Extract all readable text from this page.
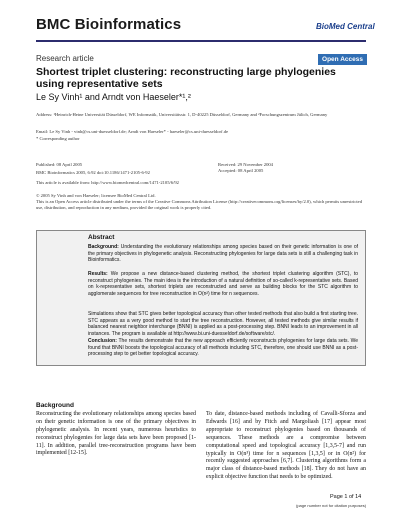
BMC Bioinformatics	BioMed Central
Research article	Open Access
Shortest triplet clustering: reconstructing large phylogenies using representative sets
Le Sy Vinh¹ and Arndt von Haeseler*¹,²
Address: ¹Heinrich-Heine Universität Düsseldorf, WE Informatik, Universitätsstr. 1, D-40225 Düsseldorf, Germany and ²Forschungszentrum Jülich, Germany
Email: Le Sy Vinh - vinh@cs.uni-duesseldorf.de; Arndt von Haeseler* - haeseler@cs.uni-duesseldorf.de
* Corresponding author
Published: 08 April 2005
BMC Bioinformatics 2005, 6:92 doi:10.1186/1471-2105-6-92
Received: 29 November 2004
Accepted: 08 April 2005
This article is available from: http://www.biomedcentral.com/1471-2105/6/92
© 2005 Sy Vinh and von Haeseler; licensee BioMed Central Ltd.
This is an Open Access article distributed under the terms of the Creative Commons Attribution License (http://creativecommons.org/licenses/by/2.0), which permits unrestricted use, distribution, and reproduction in any medium, provided the original work is properly cited.
Abstract
Background: Understanding the evolutionary relationships among species based on their genetic information is one of the primary objectives in phylogenetic analysis. Reconstructing phylogenies for large data sets is still a challenging task in Bioinformatics.
Results: We propose a new distance-based clustering method, the shortest triplet clustering algorithm (STC), to reconstruct phylogenies. The main idea is the introduction of a natural definition of so-called k-representative sets. Based on k-representative sets, shortest triplets are reconstructed and serve as building blocks for the STC algorithm to agglomerate sequences for tree reconstruction in O(n²) time for n sequences.
Simulations show that STC gives better topological accuracy than other tested methods that also build a first starting tree. STC appears as a very good method to start the tree reconstruction. However, all tested methods give similar results if balanced nearest neighbor interchange (BNNI) is applied as a post-processing step. BNNI leads to an improvement in all instances. The program is available at http://www.bi.uni-duesseldorf.de/software/stc/.
Conclusion: The results demonstrate that the new approach efficiently reconstructs phylogenies for large data sets. We found that BNNI boosts the topological accuracy of all methods including STC, therefore, one should use BNNI as a post-processing step to get better topological accuracy.
Background
Reconstructing the evolutionary relationships among species based on their genetic information is one of the primary objectives in phylogenetic analysis. In recent years, numerous heuristics to reconstruct phylogenies for large data sets have been proposed [1-11]. In addition, parallel tree-reconstruction programs have been implemented [12-15].
To date, distance-based methods including of Cavalli-Sforza and Edwards [16] and by Fitch and Margoliash [17] appear most appropriate to reconstruct phylogenies based on thousands of sequences. These methods are a compromise between computational speed and topological accuracy [1,3,5-7] and run typically in O(n³) time for n sequences [1,3,5] or in O(n²) for recently suggested approaches [6,7]. Clustering algorithms form a major class of distance-based methods [18]. They do not have an explicit objective function that needs to be optimized.
Page 1 of 14
(page number not for citation purposes)
